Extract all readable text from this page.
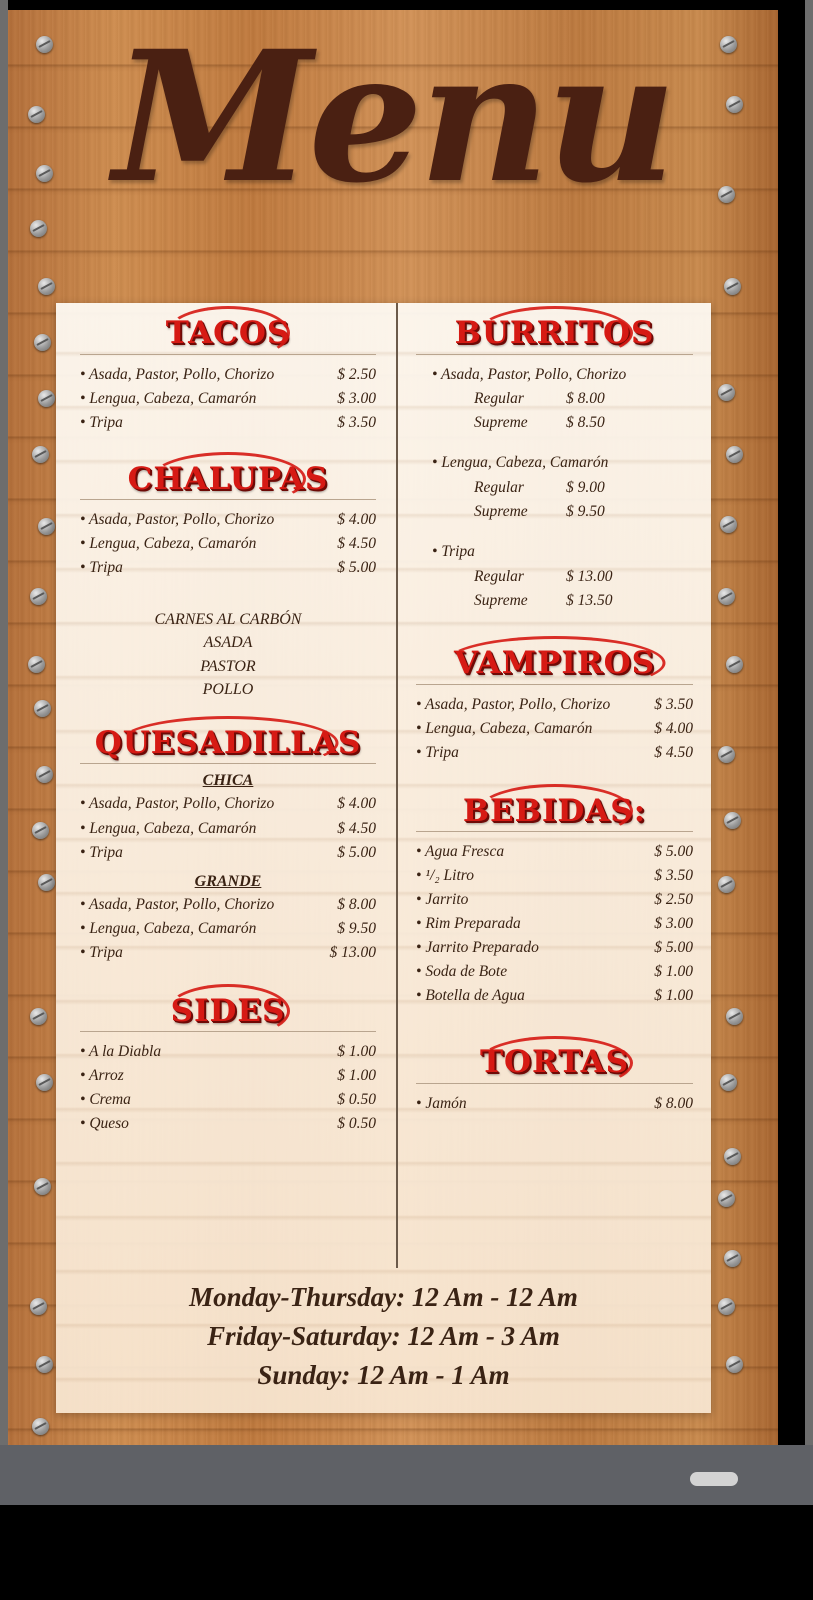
Menu
TACOS
• Asada, Pastor, Pollo, Chorizo	$ 2.50
• Lengua, Cabeza, Camarón	$ 3.00
• Tripa	$ 3.50
CHALUPAS
• Asada, Pastor, Pollo, Chorizo	$ 4.00
• Lengua, Cabeza, Camarón	$ 4.50
• Tripa	$ 5.00
CARNES AL CARBÓN
ASADA
PASTOR
POLLO
QUESADILLAS
CHICA
• Asada, Pastor, Pollo, Chorizo	$ 4.00
• Lengua, Cabeza, Camarón	$ 4.50
• Tripa	$ 5.00
GRANDE
• Asada, Pastor, Pollo, Chorizo	$ 8.00
• Lengua, Cabeza, Camarón	$ 9.50
• Tripa	$ 13.00
SIDES
• A la Diabla	$ 1.00
• Arroz	$ 1.00
• Crema	$ 0.50
• Queso	$ 0.50
BURRITOS
• Asada, Pastor, Pollo, Chorizo
Regular	$ 8.00
Supreme	$ 8.50
• Lengua, Cabeza, Camarón
Regular	$ 9.00
Supreme	$ 9.50
• Tripa
Regular	$ 13.00
Supreme	$ 13.50
VAMPIROS
• Asada, Pastor, Pollo, Chorizo	$ 3.50
• Lengua, Cabeza, Camarón	$ 4.00
• Tripa	$ 4.50
BEBIDAS:
• Agua Fresca	$ 5.00
• ¹/₂ Litro	$ 3.50
• Jarrito	$ 2.50
• Rim Preparada	$ 3.00
• Jarrito Preparado	$ 5.00
• Soda de Bote	$ 1.00
• Botella de Agua	$ 1.00
TORTAS
• Jamón	$ 8.00
Monday-Thursday: 12 Am - 12 Am
Friday-Saturday: 12 Am - 3 Am
Sunday: 12 Am - 1 Am
